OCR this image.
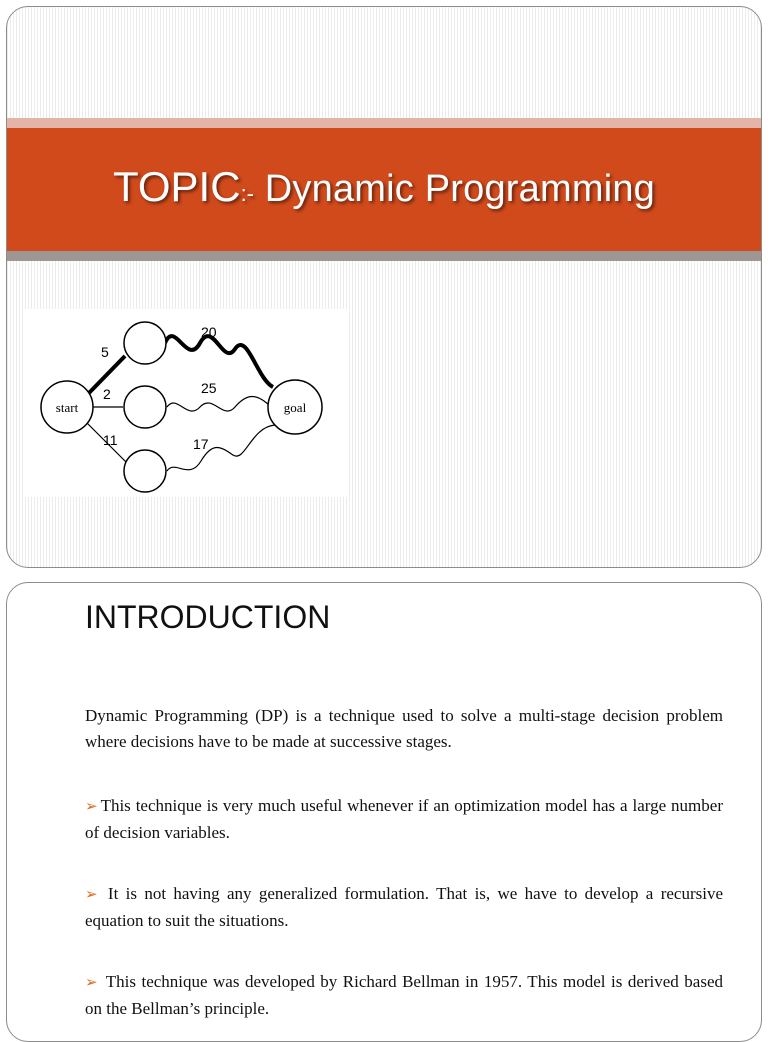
TOPIC:- Dynamic Programming
start	goal
5
2
11
20
25
17
INTRODUCTION

Dynamic Programming (DP) is a technique used to solve a multi-stage decision problem where decisions have to be made at successive stages.

➢ This technique is very much useful whenever if an optimization model has a large number of decision variables.

➢ It is not having any generalized formulation. That is, we have to develop a recursive equation to suit the situations.

➢ This technique was developed by Richard Bellman in 1957. This model is derived based on the Bellman’s principle.
